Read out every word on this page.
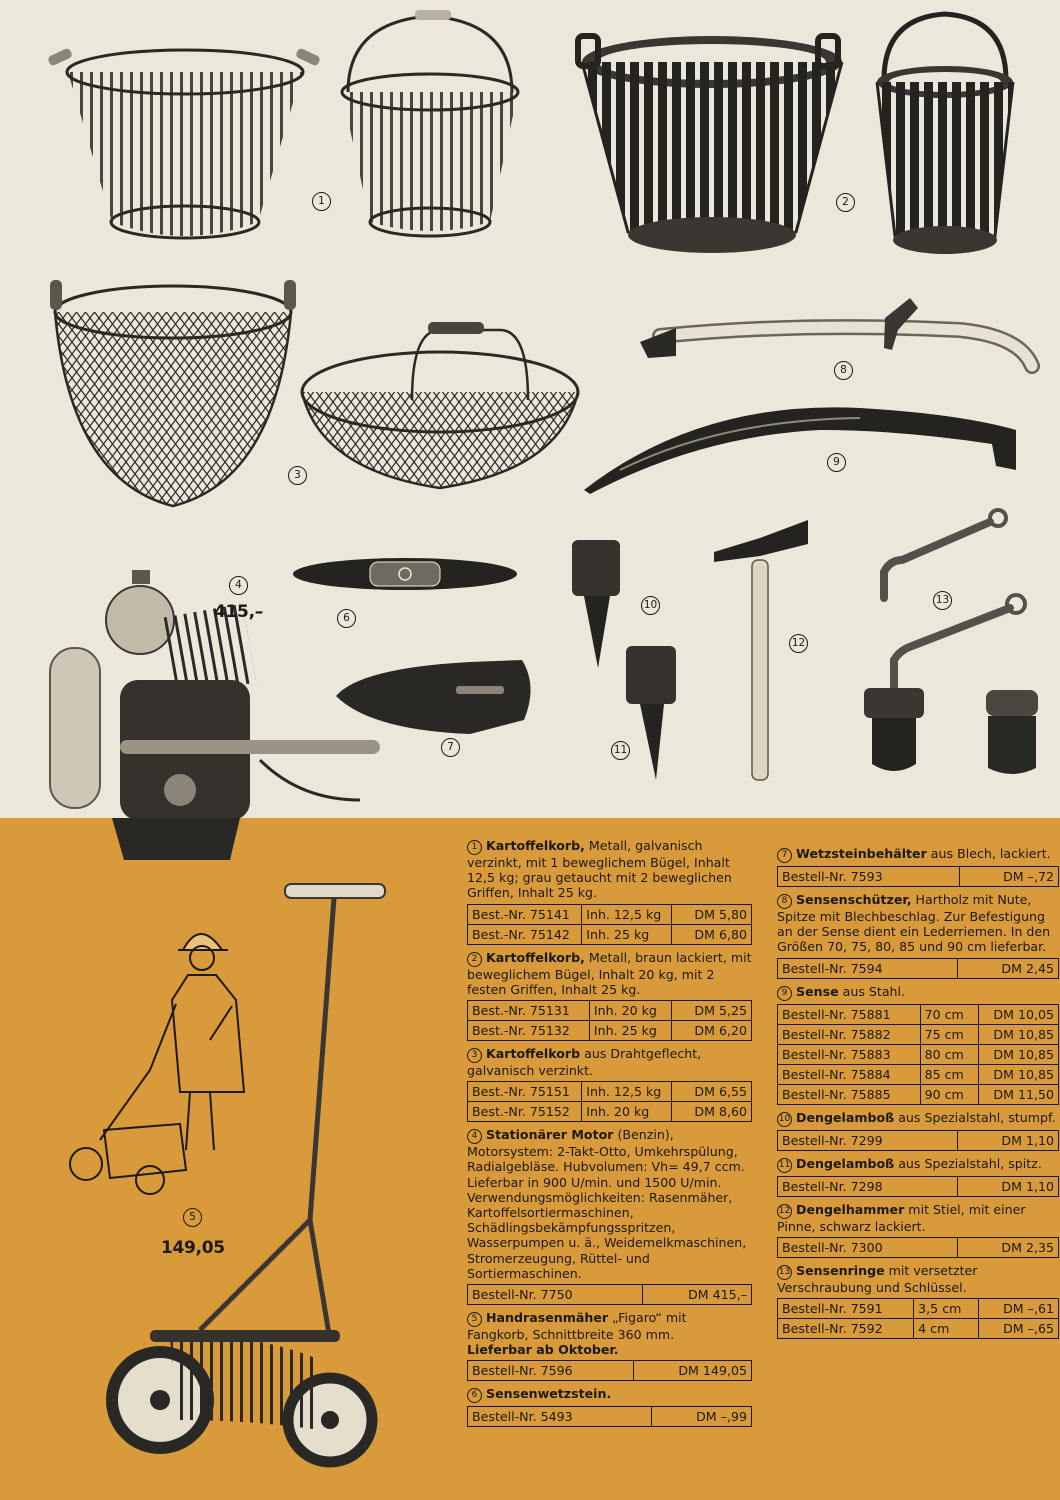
1	2
3
8
9
4
6
10
12
13
7	11
5
415,–
149,05
1 Kartoffelkorb, Metall, galvanisch verzinkt, mit 1 beweglichem Bügel, Inhalt 12,5 kg; grau getaucht mit 2 beweglichen Griffen, Inhalt 25 kg.
Best.-Nr. 75141	Inh. 12,5 kg	DM 5,80
Best.-Nr. 75142	Inh. 25 kg	DM 6,80
2 Kartoffelkorb, Metall, braun lackiert, mit beweglichem Bügel, Inhalt 20 kg, mit 2 festen Griffen, Inhalt 25 kg.
Best.-Nr. 75131	Inh. 20 kg	DM 5,25
Best.-Nr. 75132	Inh. 25 kg	DM 6,20
3 Kartoffelkorb aus Drahtgeflecht, galvanisch verzinkt.
Best.-Nr. 75151	Inh. 12,5 kg	DM 6,55
Best.-Nr. 75152	Inh. 20 kg	DM 8,60
4 Stationärer Motor (Benzin), Motorsystem: 2-Takt-Otto, Umkehrspülung, Radialgebläse. Hubvolumen: Vh= 49,7 ccm. Lieferbar in 900 U/min. und 1500 U/min. Verwendungsmöglichkeiten: Rasenmäher, Kartoffelsortiermaschinen, Schädlingsbekämpfungsspritzen, Wasserpumpen u. ä., Weidemelkmaschinen, Stromerzeugung, Rüttel- und Sortiermaschinen.
Bestell-Nr. 7750	DM 415,–
5 Handrasenmäher „Figaro“ mit Fangkorb, Schnittbreite 360 mm.
Lieferbar ab Oktober.
Bestell-Nr. 7596	DM 149,05
6 Sensenwetzstein.
Bestell-Nr. 5493	DM –,99
7 Wetzsteinbehälter aus Blech, lackiert.
Bestell-Nr. 7593	DM –,72
8 Sensenschützer, Hartholz mit Nute, Spitze mit Blechbeschlag. Zur Befestigung an der Sense dient ein Lederriemen. In den Größen 70, 75, 80, 85 und 90 cm lieferbar.
Bestell-Nr. 7594	DM 2,45
9 Sense aus Stahl.
Bestell-Nr. 75881	70 cm	DM 10,05
Bestell-Nr. 75882	75 cm	DM 10,85
Bestell-Nr. 75883	80 cm	DM 10,85
Bestell-Nr. 75884	85 cm	DM 10,85
Bestell-Nr. 75885	90 cm	DM 11,50
10 Dengelamboß aus Spezialstahl, stumpf.
Bestell-Nr. 7299	DM 1,10
11 Dengelamboß aus Spezialstahl, spitz.
Bestell-Nr. 7298	DM 1,10
12 Dengelhammer mit Stiel, mit einer Pinne, schwarz lackiert.
Bestell-Nr. 7300	DM 2,35
13 Sensenringe mit versetzter Verschraubung und Schlüssel.
Bestell-Nr. 7591	3,5 cm	DM –,61
Bestell-Nr. 7592	4 cm	DM –,65
